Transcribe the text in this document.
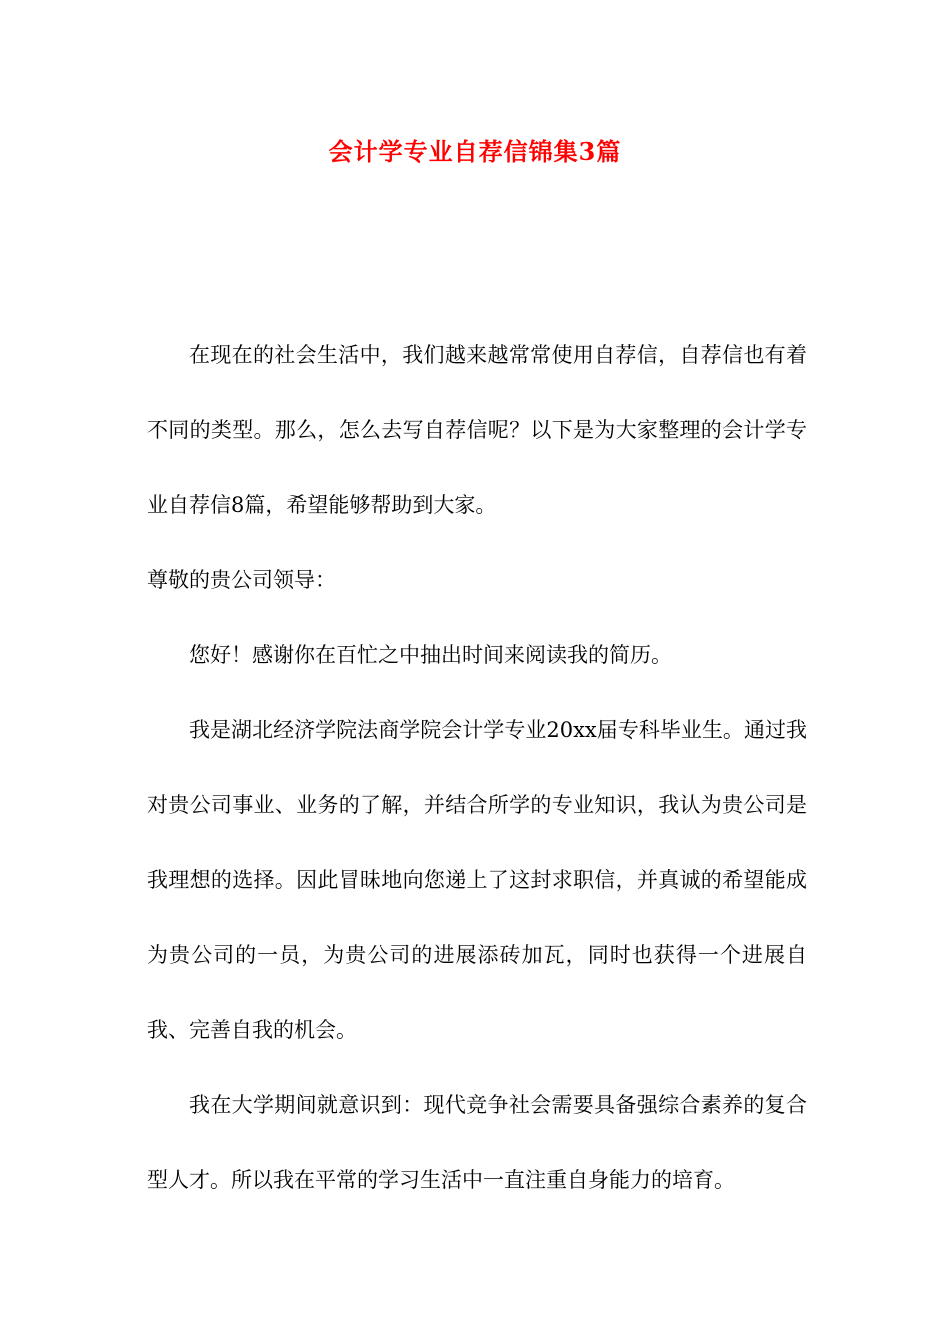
会计学专业自荐信锦集3篇

在现在的社会生活中，我们越来越常常使用自荐信，自荐信也有着不同的类型。那么，怎么去写自荐信呢？以下是为大家整理的会计学专业自荐信8篇，希望能够帮助到大家。

尊敬的贵公司领导：

您好！感谢你在百忙之中抽出时间来阅读我的简历。

我是湖北经济学院法商学院会计学专业20xx届专科毕业生。通过我对贵公司事业、业务的了解，并结合所学的专业知识，我认为贵公司是我理想的选择。因此冒昧地向您递上了这封求职信，并真诚的希望能成为贵公司的一员，为贵公司的进展添砖加瓦，同时也获得一个进展自我、完善自我的机会。

我在大学期间就意识到：现代竞争社会需要具备强综合素养的复合型人才。所以我在平常的学习生活中一直注重自身能力的培育。
